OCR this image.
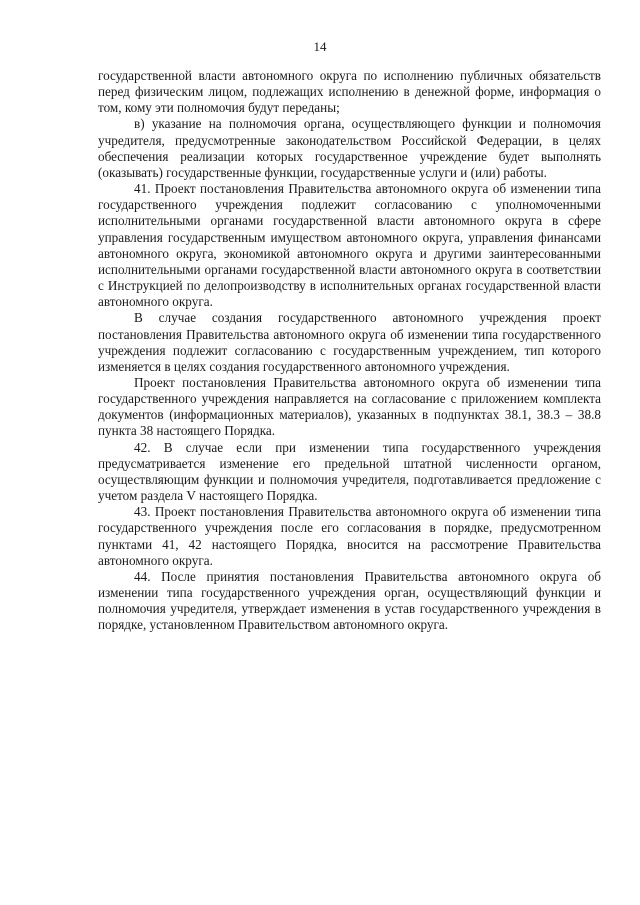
14

государственной власти автономного округа по исполнению публичных обязательств перед физическим лицом, подлежащих исполнению в денежной форме, информация о том, кому эти полномочия будут переданы;

в) указание на полномочия органа, осуществляющего функции и полномочия учредителя, предусмотренные законодательством Российской Федерации, в целях обеспечения реализации которых государственное учреждение будет выполнять (оказывать) государственные функции, государственные услуги и (или) работы.

41. Проект постановления Правительства автономного округа об изменении типа государственного учреждения подлежит согласованию с уполномоченными исполнительными органами государственной власти автономного округа в сфере управления государственным имуществом автономного округа, управления финансами автономного округа, экономикой автономного округа и другими заинтересованными исполнительными органами государственной власти автономного округа в соответствии с Инструкцией по делопроизводству в исполнительных органах государственной власти автономного округа.

В случае создания государственного автономного учреждения проект постановления Правительства автономного округа об изменении типа государственного учреждения подлежит согласованию с государственным учреждением, тип которого изменяется в целях создания государственного автономного учреждения.

Проект постановления Правительства автономного округа об изменении типа государственного учреждения направляется на согласование с приложением комплекта документов (информационных материалов), указанных в подпунктах 38.1, 38.3 – 38.8 пункта 38 настоящего Порядка.

42. В случае если при изменении типа государственного учреждения предусматривается изменение его предельной штатной численности органом, осуществляющим функции и полномочия учредителя, подготавливается предложение с учетом раздела V настоящего Порядка.

43. Проект постановления Правительства автономного округа об изменении типа государственного учреждения после его согласования в порядке, предусмотренном пунктами 41, 42 настоящего Порядка, вносится на рассмотрение Правительства автономного округа.

44. После принятия постановления Правительства автономного округа об изменении типа государственного учреждения орган, осуществляющий функции и полномочия учредителя, утверждает изменения в устав государственного учреждения в порядке, установленном Правительством автономного округа.
